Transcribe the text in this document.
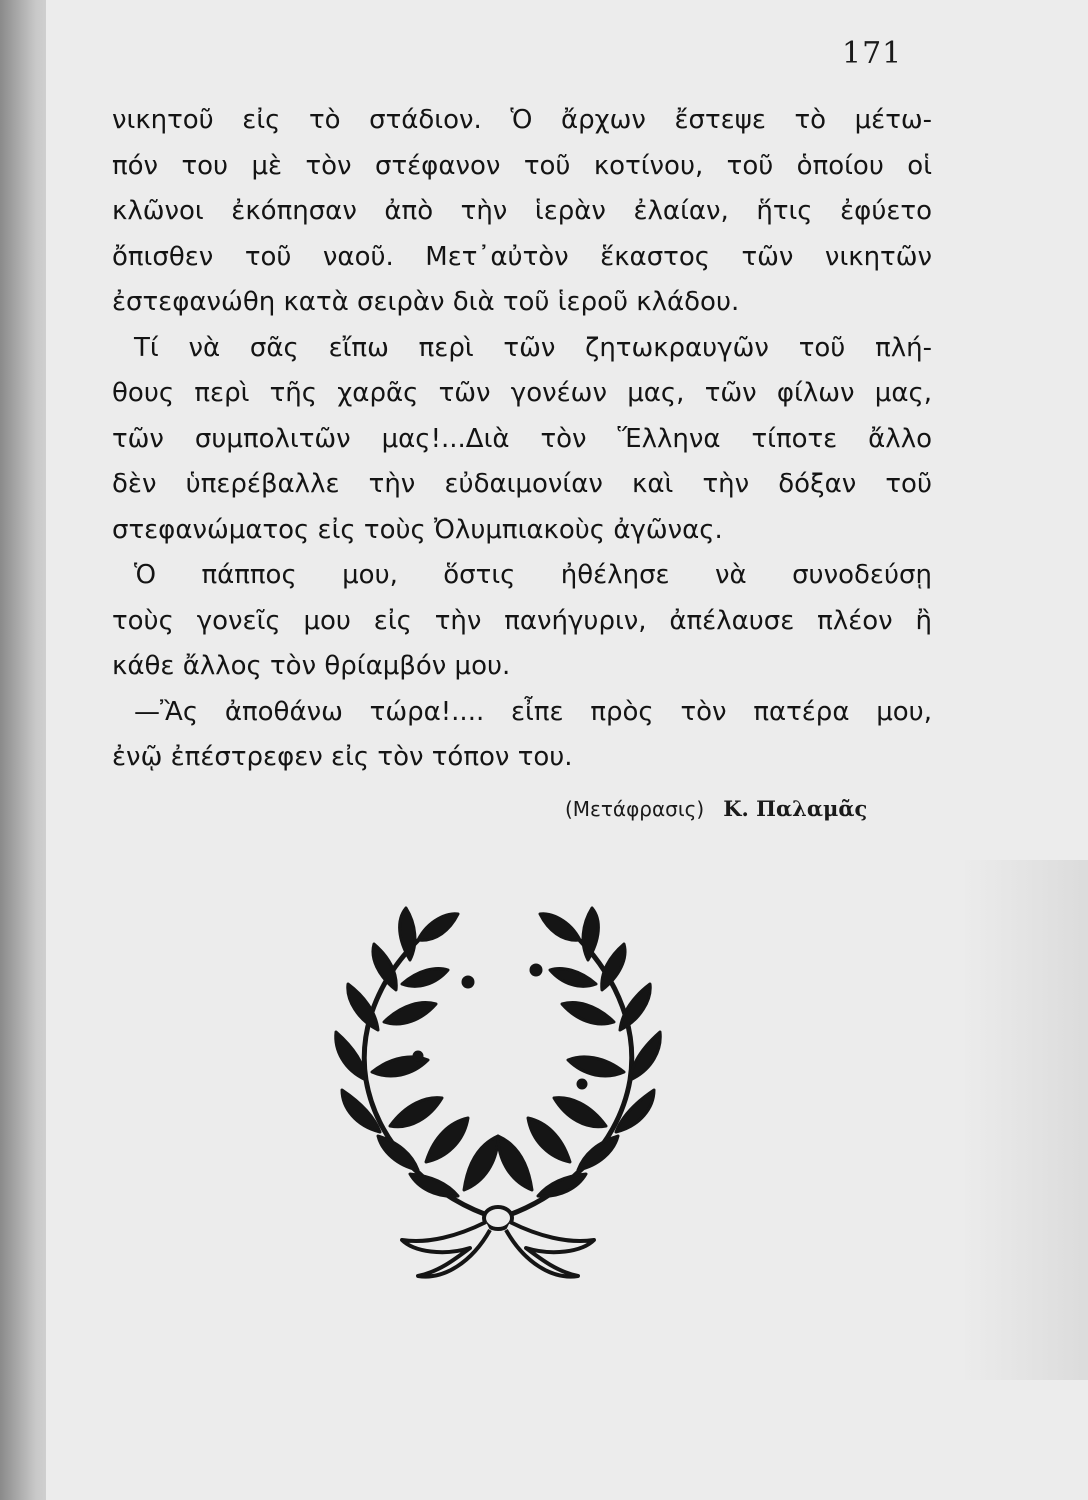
171
νικητοῦ εἰς τὸ στάδιον. Ὁ ἄρχων ἔστεψε τὸ μέτω-
πόν του μὲ τὸν στέφανον τοῦ κοτίνου, τοῦ ὁποίου οἱ
κλῶνοι ἐκόπησαν ἀπὸ τὴν ἱερὰν ἐλαίαν, ἥτις ἐφύετο
ὄπισθεν τοῦ ναοῦ. Μετ᾽αὐτὸν ἕκαστος τῶν νικητῶν
ἐστεφανώθη κατὰ σειρὰν διὰ τοῦ ἱεροῦ κλάδου.
Τί νὰ σᾶς εἴπω περὶ τῶν ζητωκραυγῶν τοῦ πλή-
θους περὶ τῆς χαρᾶς τῶν γονέων μας, τῶν φίλων μας,
τῶν συμπολιτῶν μας!...Διὰ τὸν Ἕλληνα τίποτε ἄλλο
δὲν ὑπερέβαλλε τὴν εὐδαιμονίαν καὶ τὴν δόξαν τοῦ
στεφανώματος εἰς τοὺς Ὀλυμπιακοὺς ἀγῶνας.
Ὁ πάππος μου, ὅστις ἠθέλησε νὰ συνοδεύσῃ
τοὺς γονεῖς μου εἰς τὴν πανήγυριν, ἀπέλαυσε πλέον ἢ
κάθε ἄλλος τὸν θρίαμβόν μου.
—Ἂς ἀποθάνω τώρα!.... εἶπε πρὸς τὸν πατέρα μου,
ἐνῷ ἐπέστρεφεν εἰς τὸν τόπον του.
(Μετάφρασις) Κ. Παλαμᾶς
